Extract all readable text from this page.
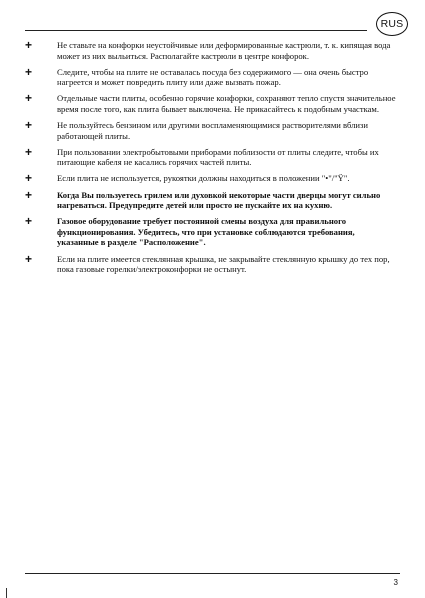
RUS
+	Не ставьте на конфорки неустойчивые или деформированные кастрюли, т. к. кипящая вода может из них выльиться. Располагайте кастрюли в центре конфорок.
+	Следите, чтобы на плите не оставалась посуда без содержимого — она очень быстро нагреется и может повредить плиту или даже вызвать пожар.
+	Отдельные части плиты, особенно горячие конфорки, сохраняют тепло спустя значительное время после того, как плита бывает выключена. Не прикасайтесь к подобным участкам.
+	Не пользуйтесь бензином или другими воспламеняющимися растворителями вблизи работающей плиты.
+	При пользовании электробытовыми приборами поблизости от плиты следите, чтобы их питающие кабеля не касались горячих частей плиты.
+	Если плита не используется, рукоятки должны находиться в положении "•"/"Ÿ".
+	Когда Вы пользуетесь грилем или духовкой некоторые части дверцы могут сильно нагреваться. Предупредите детей или просто не пускайте их на кухню.
+	Газовое оборудование требует постоянной смены воздуха для правильного функционирования. Убедитесь, что при установке соблюдаются требования, указанные в разделе "Расположение".
+	Если на плите имеется стеклянная крышка, не закрывайте стеклянную крышку до тех пор, пока газовые горелки/электроконфорки не остынут.
3
